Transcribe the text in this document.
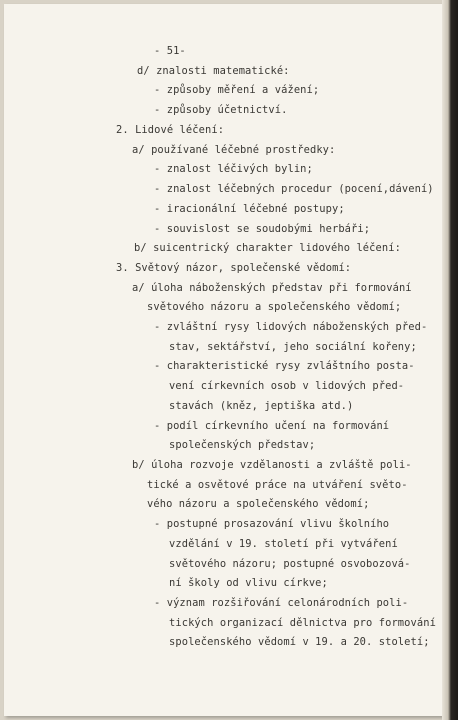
- 51-
d/ znalosti matematické:
- způsoby měření a vážení;
- způsoby účetnictví.
2. Lidové léčení:
a/ používané léčebné prostředky:
- znalost léčivých bylin;
- znalost léčebných procedur (pocení,dávení)
- iracionální léčebné postupy;
- souvislost se soudobými herbáři;
b/ suicentrický charakter lidového léčení:
3. Světový názor, společenské vědomí:
a/ úloha náboženských představ při formování
světového názoru a společenského vědomí;
- zvláštní rysy lidových náboženských před-
stav, sektářství, jeho sociální kořeny;
- charakteristické rysy zvláštního posta-
vení církevních osob v lidových před-
stavách (kněz, jeptiška atd.)
- podíl církevního učení na formování
společenských představ;
b/ úloha rozvoje vzdělanosti a zvláště poli-
tické a osvětové práce na utváření světo-
vého názoru a společenského vědomí;
- postupné prosazování vlivu školního
vzdělání v 19. století při vytváření
světového názoru; postupné osvobozová-
ní školy od vlivu církve;
- význam rozšiřování celonárodních poli-
tických organizací dělnictva pro formování
společenského vědomí v 19. a 20. století;
